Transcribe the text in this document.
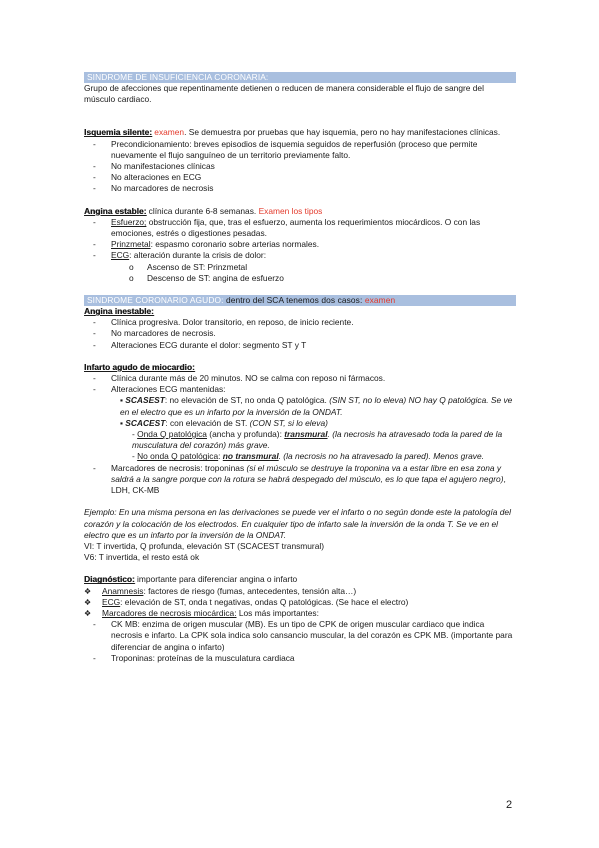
SINDROME DE INSUFICIENCIA CORONARIA:

Grupo de afecciones que repentinamente detienen o reducen de manera considerable el flujo de sangre del músculo cardiaco.

Isquemia silente: examen. Se demuestra por pruebas que hay isquemia, pero no hay manifestaciones clínicas.

- Precondicionamiento: breves episodios de isquemia seguidos de reperfusión (proceso que permite nuevamente el flujo sanguíneo de un territorio previamente falto.

- No manifestaciones clínicas

- No alteraciones en ECG

- No marcadores de necrosis

Angina estable: clínica durante 6-8 semanas. Examen los tipos

- Esfuerzo; obstrucción fija, que, tras el esfuerzo, aumenta los requerimientos miocárdicos. O con las emociones, estrés o digestiones pesadas.

- Prinzmetal: espasmo coronario sobre arterias normales.

- ECG: alteración durante la crisis de dolor:

o Ascenso de ST: Prinzmetal

o Descenso de ST: angina de esfuerzo

SINDROME CORONARIO AGUDO: dentro del SCA tenemos dos casos: examen

Angina inestable:

- Clínica progresiva. Dolor transitorio, en reposo, de inicio reciente.

- No marcadores de necrosis.

- Alteraciones ECG durante el dolor: segmento ST y T

Infarto agudo de miocardio:

- Clínica durante más de 20 minutos. NO se calma con reposo ni fármacos.

- Alteraciones ECG mantenidas:

▪ SCASEST: no elevación de ST, no onda Q patológica. (SIN ST, no lo eleva) NO hay Q patológica. Se ve en el electro que es un infarto por la inversión de la ONDAT.

▪ SCACEST: con elevación de ST. (CON ST, si lo eleva)

- Onda Q patológica (ancha y profunda): transmural. (la necrosis ha atravesado toda la pared de la musculatura del corazón) más grave.

- No onda Q patológica: no transmural. (la necrosis no ha atravesado la pared). Menos grave.

- Marcadores de necrosis: troponinas (si el músculo se destruye la troponina va a estar libre en esa zona y saldrá a la sangre porque con la rotura se habrá despegado del músculo, es lo que tapa el agujero negro), LDH, CK-MB

Ejemplo: En una misma persona en las derivaciones se puede ver el infarto o no según donde este la patología del corazón y la colocación de los electrodos. En cualquier tipo de infarto sale la inversión de la onda T. Se ve en el electro que es un infarto por la inversión de la ONDAT.

VI: T invertida, Q profunda, elevación ST (SCACEST transmural)

V6: T invertida, el resto está ok

Diagnóstico: importante para diferenciar angina o infarto

❖ Anamnesis: factores de riesgo (fumas, antecedentes, tensión alta…)

❖ ECG: elevación de ST, onda t negativas, ondas Q patológicas. (Se hace el electro)

❖ Marcadores de necrosis miocárdica: Los más importantes:

- CK MB: enzima de origen muscular (MB). Es un tipo de CPK de origen muscular cardiaco que indica necrosis e infarto. La CPK sola indica solo cansancio muscular, la del corazón es CPK MB. (importante para diferenciar de angina o infarto)

- Troponinas: proteínas de la musculatura cardiaca

2
